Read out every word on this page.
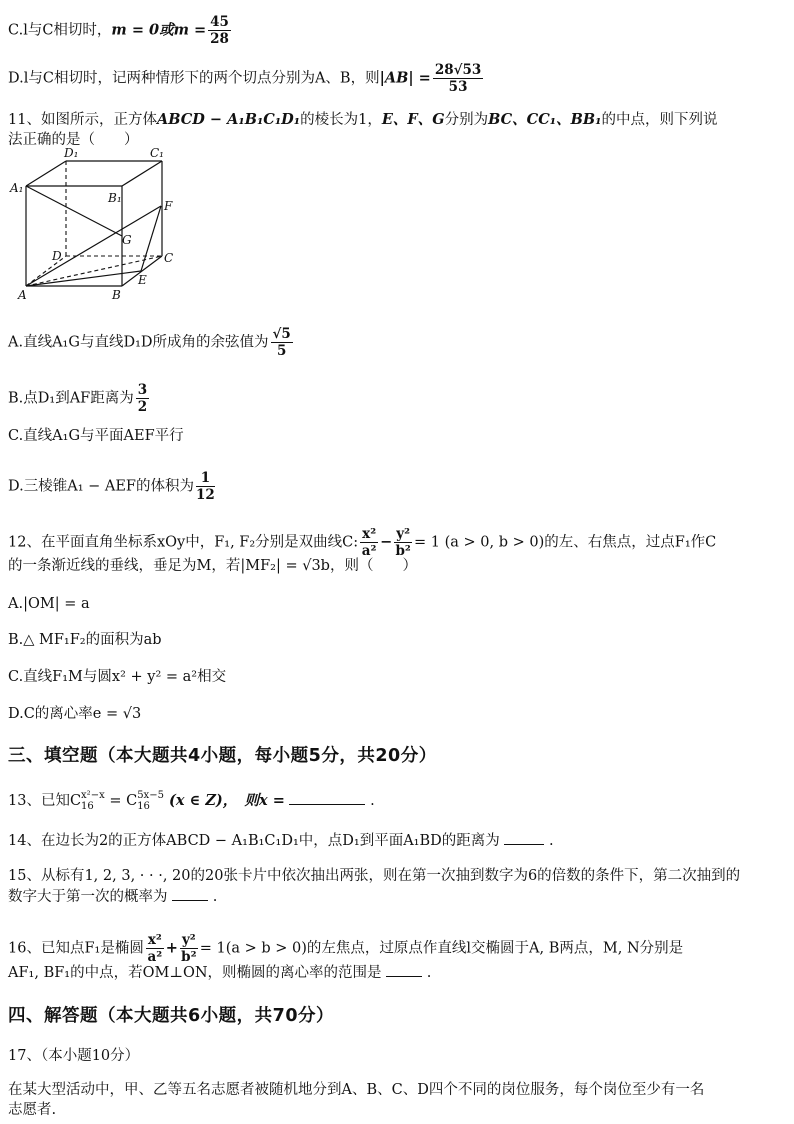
C.l与C相切时，m = 0或$m = \frac{45}{28}$
D.l与C相切时，记两种情形下的两个切点分别为A、B，则$|AB| = \frac{28√53}{53}$
11、如图所示，正方体ABCD − A₁B₁C₁D₁的棱长为1，E、F、G分别为BC、CC₁、BB₁的中点，则下列说
法正确的是（　　）
D₁	C₁
A₁
B₁
F
G
D	C
E
A	B
A.直线A₁G与直线D₁D所成角的余弦值为 $\frac{√5}{5}$
B.点D₁到AF距离为 $\frac{3}{2}$
C.直线A₁G与平面AEF平行
D.三棱锥A₁ − AEF的体积为 $\frac{1}{12}$
12、在平面直角坐标系xOy中，F₁, F₂分别是双曲线C: $\frac{\text{x²}}{\text{a²}} - \frac{\text{y²}}{\text{b²}} = 1$ (a > 0, b > 0)的左、右焦点，过点F₁作C
的一条渐近线的垂线，垂足为M，若|MF₂| = √3b，则（　　）
A.|OM| = a
B.△ MF₁F₂的面积为ab
C.直线F₁M与圆x² + y² = a²相交
D.C的离心率e = √3
三、填空题（本大题共4小题，每小题5分，共20分）
13、已知C x²−x
16 = C 5x−5
16 (x ∈ Z)，　则x =	.
14、在边长为2的正方体ABCD − A₁B₁C₁D₁中，点D₁到平面A₁BD的距离为	.
15、从标有1, 2, 3, · · ·, 20的20张卡片中依次抽出两张，则在第一次抽到数字为6的倍数的条件下，第二次抽到的
数字大于第一次的概率为	.
16、已知点F₁是椭圆 $\frac{\text{x²}}{\text{a²}} + \frac{\text{y²}}{\text{b²}} = 1(a > b > 0)$的左焦点，过原点作直线l交椭圆于A, B两点，M, N分别是
AF₁, BF₁的中点，若OM⊥ON，则椭圆的离心率的范围是	.
四、解答题（本大题共6小题，共70分）
17、（本小题10分）
在某大型活动中，甲、乙等五名志愿者被随机地分到A、B、C、D四个不同的岗位服务，每个岗位至少有一名
志愿者.
